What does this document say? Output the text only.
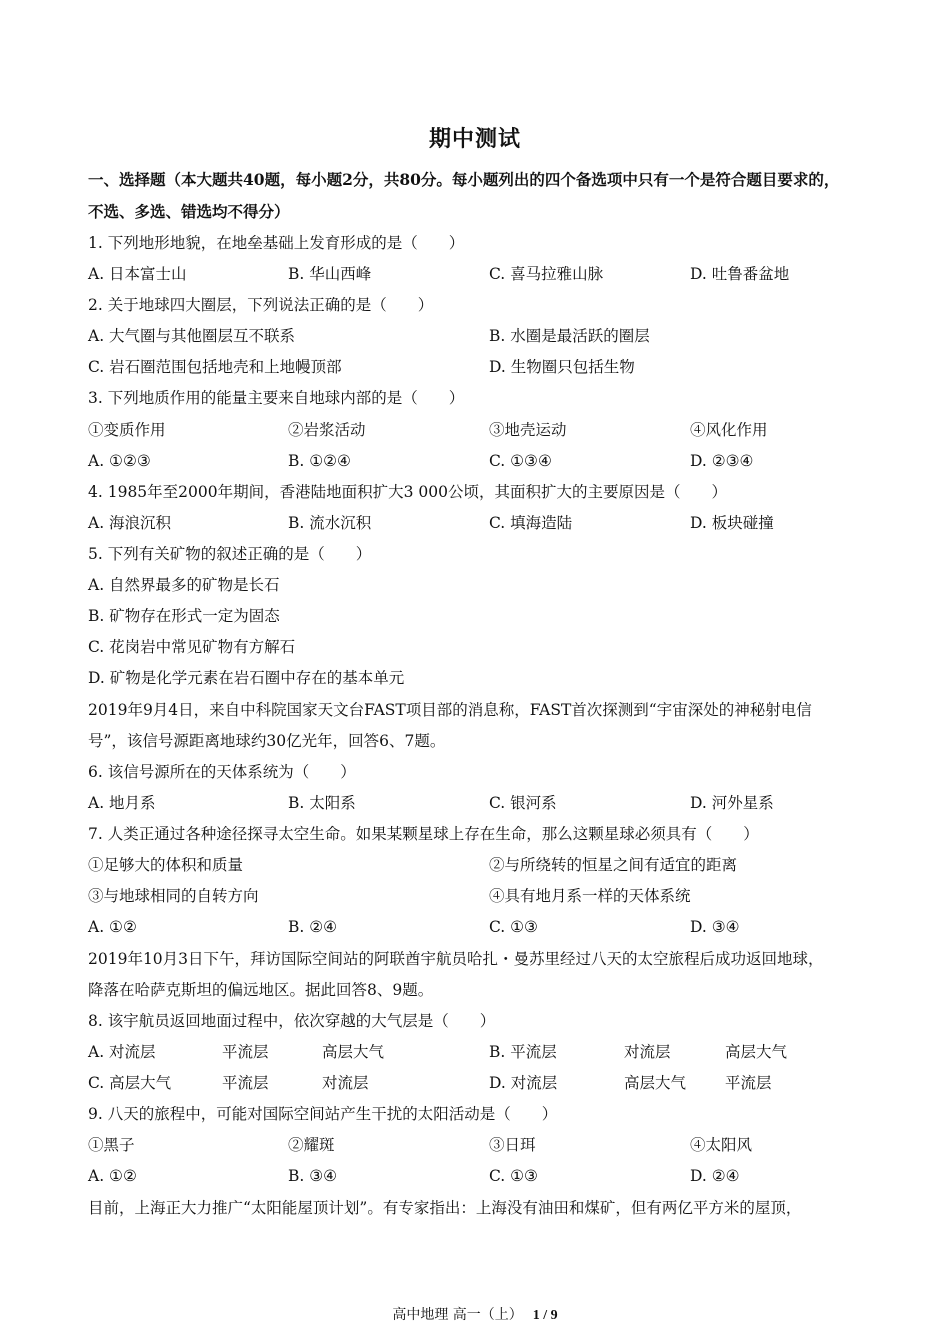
期中测试
一、选择题（本大题共40题，每小题2分，共80分。每小题列出的四个备选项中只有一个是符合题目要求的，
不选、多选、错选均不得分）
1. 下列地形地貌，在地垒基础上发育形成的是（　　）
A. 日本富士山	B. 华山西峰	C. 喜马拉雅山脉	D. 吐鲁番盆地
2. 关于地球四大圈层，下列说法正确的是（　　）
A. 大气圈与其他圈层互不联系	B. 水圈是最活跃的圈层
C. 岩石圈范围包括地壳和上地幔顶部	D. 生物圈只包括生物
3. 下列地质作用的能量主要来自地球内部的是（　　）
①变质作用	②岩浆活动	③地壳运动	④风化作用
A. ①②③	B. ①②④	C. ①③④	D. ②③④
4. 1985年至2000年期间，香港陆地面积扩大3 000公顷，其面积扩大的主要原因是（　　）
A. 海浪沉积	B. 流水沉积	C. 填海造陆	D. 板块碰撞
5. 下列有关矿物的叙述正确的是（　　）
A. 自然界最多的矿物是长石
B. 矿物存在形式一定为固态
C. 花岗岩中常见矿物有方解石
D. 矿物是化学元素在岩石圈中存在的基本单元
2019年9月4日，来自中科院国家天文台FAST项目部的消息称，FAST首次探测到“宇宙深处的神秘射电信
号”，该信号源距离地球约30亿光年，回答6、7题。
6. 该信号源所在的天体系统为（　　）
A. 地月系	B. 太阳系	C. 银河系	D. 河外星系
7. 人类正通过各种途径探寻太空生命。如果某颗星球上存在生命，那么这颗星球必须具有（　　）
①足够大的体积和质量	②与所绕转的恒星之间有适宜的距离
③与地球相同的自转方向	④具有地月系一样的天体系统
A. ①②	B. ②④	C. ①③	D. ③④
2019年10月3日下午，拜访国际空间站的阿联酋宇航员哈扎・曼苏里经过八天的太空旅程后成功返回地球，
降落在哈萨克斯坦的偏远地区。据此回答8、9题。
8. 该宇航员返回地面过程中，依次穿越的大气层是（　　）
A. 对流层	平流层	高层大气	B. 平流层	对流层	高层大气
C. 高层大气	平流层	对流层	D. 对流层	高层大气	平流层
9. 八天的旅程中，可能对国际空间站产生干扰的太阳活动是（　　）
①黑子	②耀斑	③日珥	④太阳风
A. ①②	B. ③④	C. ①③	D. ②④
目前，上海正大力推广“太阳能屋顶计划”。有专家指出：上海没有油田和煤矿，但有两亿平方米的屋顶，
高中地理 高一（上） 1 / 9
